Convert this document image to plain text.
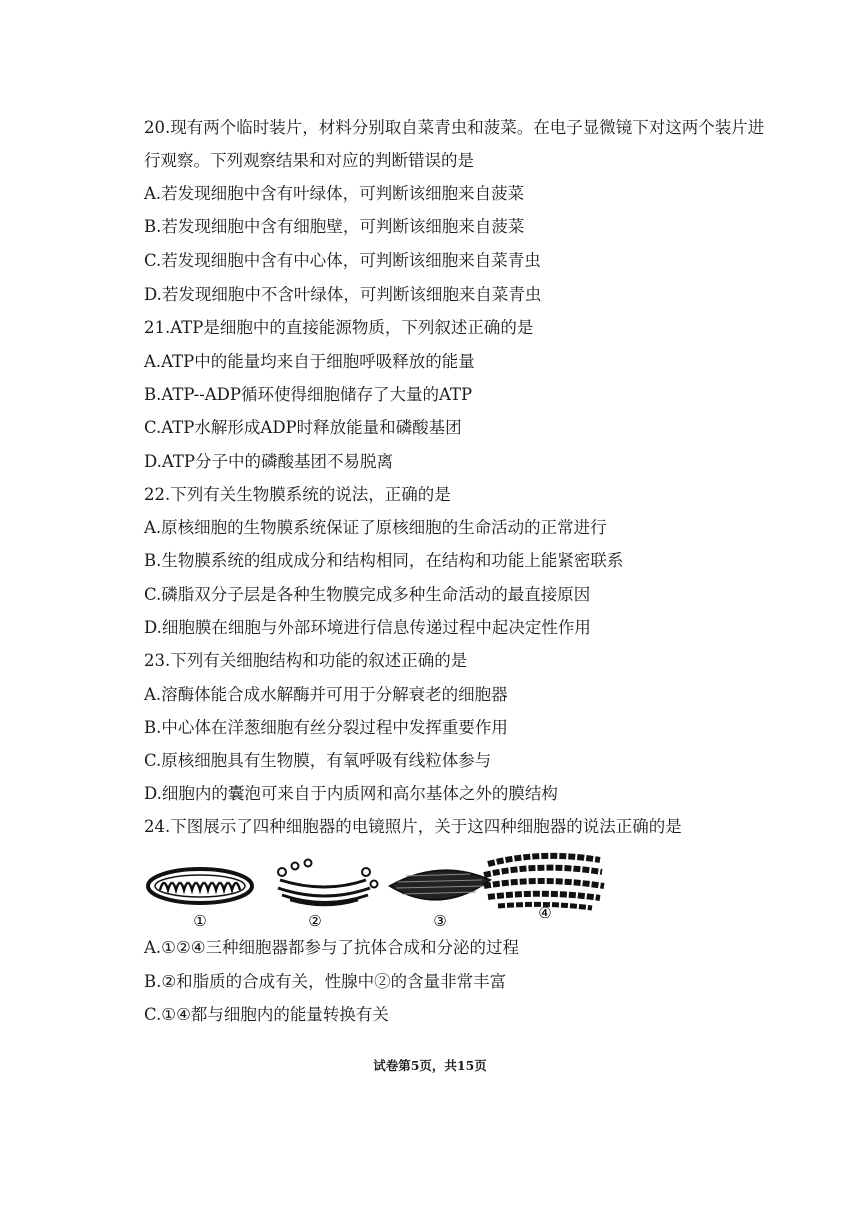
20.现有两个临时装片，材料分别取自菜青虫和菠菜。在电子显微镜下对这两个装片进
行观察。下列观察结果和对应的判断错误的是
A.若发现细胞中含有叶绿体，可判断该细胞来自菠菜
B.若发现细胞中含有细胞壁，可判断该细胞来自菠菜
C.若发现细胞中含有中心体，可判断该细胞来自菜青虫
D.若发现细胞中不含叶绿体，可判断该细胞来自菜青虫
21.ATP是细胞中的直接能源物质，下列叙述正确的是
A.ATP中的能量均来自于细胞呼吸释放的能量
B.ATP--ADP循环使得细胞储存了大量的ATP
C.ATP水解形成ADP时释放能量和磷酸基团
D.ATP分子中的磷酸基团不易脱离
22.下列有关生物膜系统的说法，正确的是
A.原核细胞的生物膜系统保证了原核细胞的生命活动的正常进行
B.生物膜系统的组成成分和结构相同，在结构和功能上能紧密联系
C.磷脂双分子层是各种生物膜完成多种生命活动的最直接原因
D.细胞膜在细胞与外部环境进行信息传递过程中起决定性作用
23.下列有关细胞结构和功能的叙述正确的是
A.溶酶体能合成水解酶并可用于分解衰老的细胞器
B.中心体在洋葱细胞有丝分裂过程中发挥重要作用
C.原核细胞具有生物膜，有氧呼吸有线粒体参与
D.细胞内的囊泡可来自于内质网和高尔基体之外的膜结构
24.下图展示了四种细胞器的电镜照片，关于这四种细胞器的说法正确的是
①	②	③	④
A.①②④三种细胞器都参与了抗体合成和分泌的过程
B.②和脂质的合成有关，性腺中②的含量非常丰富
C.①④都与细胞内的能量转换有关
试卷第5页，共15页
